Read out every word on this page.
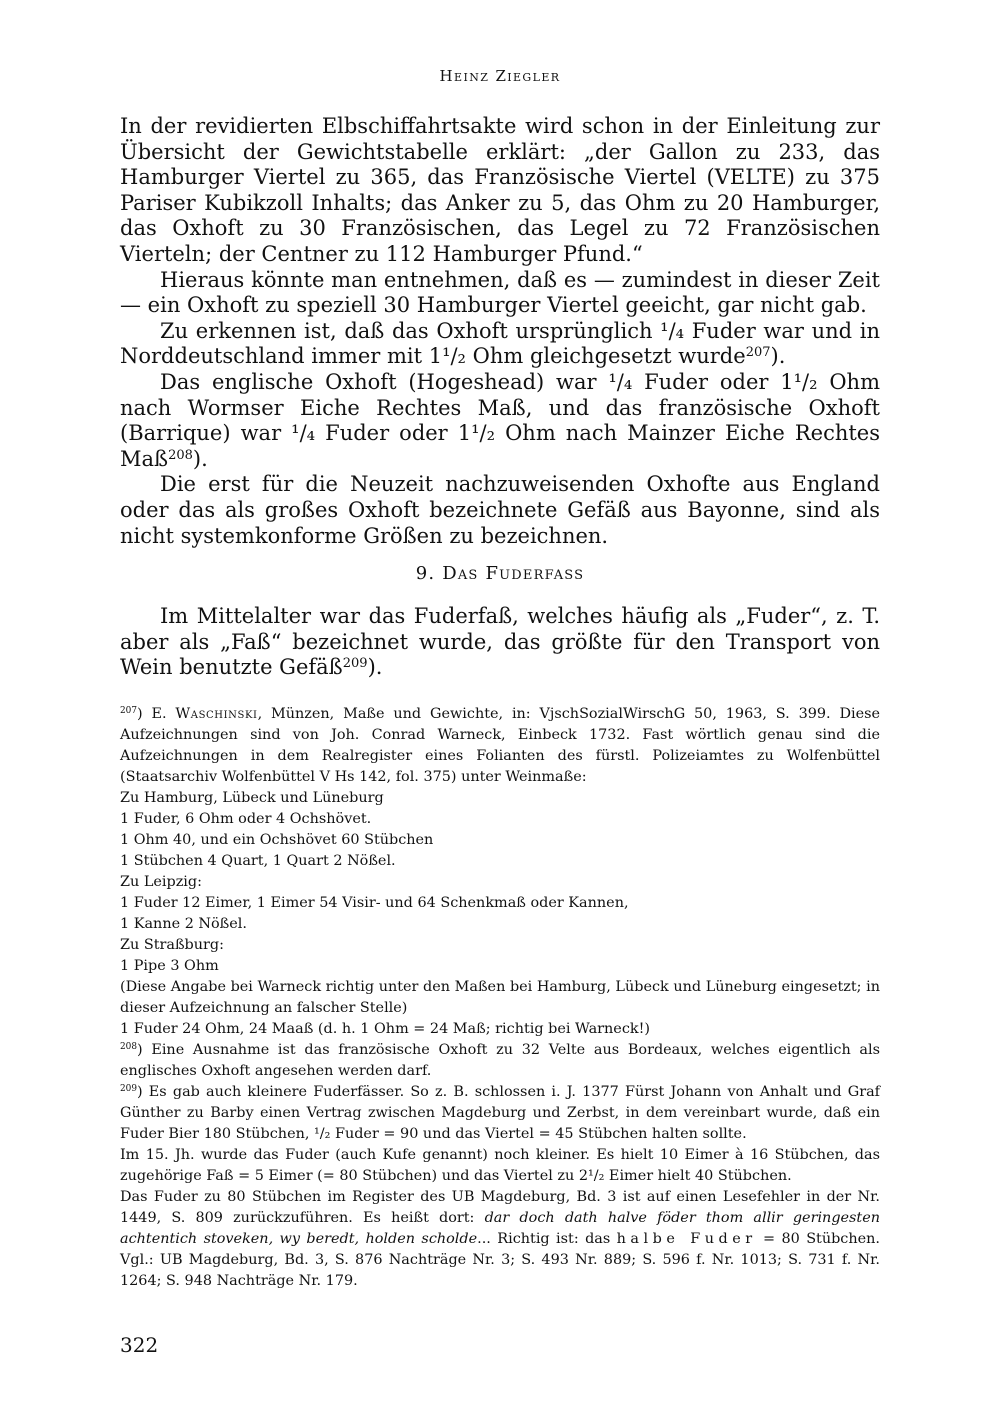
Heinz Ziegler

In der revidierten Elbschiffahrtsakte wird schon in der Einleitung zur Übersicht der Gewichtstabelle erklärt: „der Gallon zu 233, das Hamburger Viertel zu 365, das Französische Viertel (VELTE) zu 375 Pariser Kubikzoll Inhalts; das Anker zu 5, das Ohm zu 20 Hamburger, das Oxhoft zu 30 Französischen, das Legel zu 72 Französischen Vierteln; der Centner zu 112 Hamburger Pfund.“

Hieraus könnte man entnehmen, daß es — zumindest in dieser Zeit — ein Oxhoft zu speziell 30 Hamburger Viertel geeicht, gar nicht gab.

Zu erkennen ist, daß das Oxhoft ursprünglich ¹/₄ Fuder war und in Norddeutschland immer mit 1¹/₂ Ohm gleichgesetzt wurde$^{207}$).

Das englische Oxhoft (Hogeshead) war ¹/₄ Fuder oder 1¹/₂ Ohm nach Wormser Eiche Rechtes Maß, und das französische Oxhoft (Barrique) war ¹/₄ Fuder oder 1¹/₂ Ohm nach Mainzer Eiche Rechtes Maß$^{208}$).

Die erst für die Neuzeit nachzuweisenden Oxhofte aus England oder das als großes Oxhoft bezeichnete Gefäß aus Bayonne, sind als nicht systemkonforme Größen zu bezeichnen.

9. Das Fuderfass

Im Mittelalter war das Fuderfaß, welches häufig als „Fuder“, z. T. aber als „Faß“ bezeichnet wurde, das größte für den Transport von Wein benutzte Gefäß$^{209}$).

$^{207}$) E. Waschinski, Münzen, Maße und Gewichte, in: VjschSozialWirschG 50, 1963, S. 399. Diese Aufzeichnungen sind von Joh. Conrad Warneck, Einbeck 1732. Fast wörtlich genau sind die Aufzeichnungen in dem Realregister eines Folianten des fürstl. Polizeiamtes zu Wolfenbüttel (Staatsarchiv Wolfenbüttel V Hs 142, fol. 375) unter Weinmaße:

Zu Hamburg, Lübeck und Lüneburg

1 Fuder, 6 Ohm oder 4 Ochshövet.

1 Ohm 40, und ein Ochshövet 60 Stübchen

1 Stübchen 4 Quart, 1 Quart 2 Nößel.

Zu Leipzig:

1 Fuder 12 Eimer, 1 Eimer 54 Visir- und 64 Schenkmaß oder Kannen,

1 Kanne 2 Nößel.

Zu Straßburg:

1 Pipe 3 Ohm

(Diese Angabe bei Warneck richtig unter den Maßen bei Hamburg, Lübeck und Lüneburg eingesetzt; in dieser Aufzeichnung an falscher Stelle)

1 Fuder 24 Ohm, 24 Maaß (d. h. 1 Ohm = 24 Maß; richtig bei Warneck!)

$^{208}$) Eine Ausnahme ist das französische Oxhoft zu 32 Velte aus Bordeaux, welches eigentlich als englisches Oxhoft angesehen werden darf.

$^{209}$) Es gab auch kleinere Fuderfässer. So z. B. schlossen i. J. 1377 Fürst Johann von Anhalt und Graf Günther zu Barby einen Vertrag zwischen Magdeburg und Zerbst, in dem vereinbart wurde, daß ein Fuder Bier 180 Stübchen, ¹/₂ Fuder = 90 und das Viertel = 45 Stübchen halten sollte.

Im 15. Jh. wurde das Fuder (auch Kufe genannt) noch kleiner. Es hielt 10 Eimer à 16 Stübchen, das zugehörige Faß = 5 Eimer (= 80 Stübchen) und das Viertel zu 2¹/₂ Eimer hielt 40 Stübchen.

Das Fuder zu 80 Stübchen im Register des UB Magdeburg, Bd. 3 ist auf einen Lesefehler in der Nr. 1449, S. 809 zurückzuführen. Es heißt dort: dar doch dath halve föder thom allir geringesten achtentich stoveken, wy beredt, holden scholde... Richtig ist: das halbe Fuder = 80 Stübchen. Vgl.: UB Magdeburg, Bd. 3, S. 876 Nachträge Nr. 3; S. 493 Nr. 889; S. 596 f. Nr. 1013; S. 731 f. Nr. 1264; S. 948 Nachträge Nr. 179.

322
